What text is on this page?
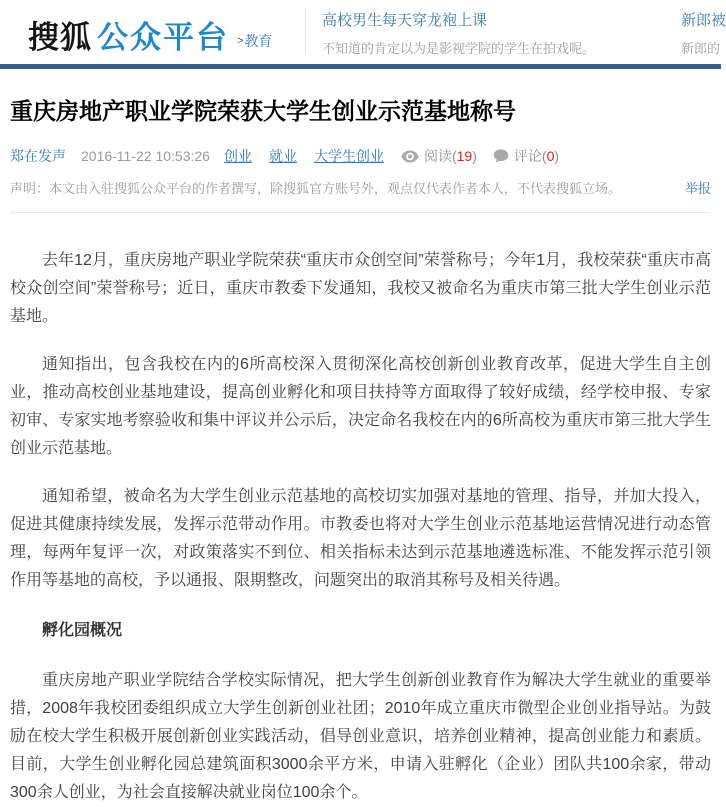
搜狐 公众平台 > 教育
高校男生每天穿龙袍上课
不知道的肯定以为是影视学院的学生在拍戏呢。
新郎被
新郎的
重庆房地产职业学院荣获大学生创业示范基地称号
郑在发声 2016-11-22 10:53:26 创业 就业 大学生创业	阅读( 19 )	评论( 0 )
声明：本文由入驻搜狐公众平台的作者撰写，除搜狐官方账号外，观点仅代表作者本人，不代表搜狐立场。	举报

去年12月，重庆房地产职业学院荣获“重庆市众创空间”荣誉称号；今年1月，我校荣获“重庆市高校众创空间”荣誉称号；近日，重庆市教委下发通知，我校又被命名为重庆市第三批大学生创业示范基地。

通知指出，包含我校在内的6所高校深入贯彻深化高校创新创业教育改革，促进大学生自主创业，推动高校创业基地建设，提高创业孵化和项目扶持等方面取得了较好成绩，经学校申报、专家初审、专家实地考察验收和集中评议并公示后，决定命名我校在内的6所高校为重庆市第三批大学生创业示范基地。

通知希望，被命名为大学生创业示范基地的高校切实加强对基地的管理、指导，并加大投入，促进其健康持续发展，发挥示范带动作用。市教委也将对大学生创业示范基地运营情况进行动态管理，每两年复评一次，对政策落实不到位、相关指标未达到示范基地遴选标准、不能发挥示范引领作用等基地的高校，予以通报、限期整改，问题突出的取消其称号及相关待遇。

孵化园概况

重庆房地产职业学院结合学校实际情况，把大学生创新创业教育作为解决大学生就业的重要举措，2008年我校团委组织成立大学生创新创业社团；2010年成立重庆市微型企业创业指导站。为鼓励在校大学生积极开展创新创业实践活动，倡导创业意识，培养创业精神，提高创业能力和素质。目前，大学生创业孵化园总建筑面积3000余平方米，申请入驻孵化（企业）团队共100余家，带动300余人创业，为社会直接解决就业岗位100余个。
